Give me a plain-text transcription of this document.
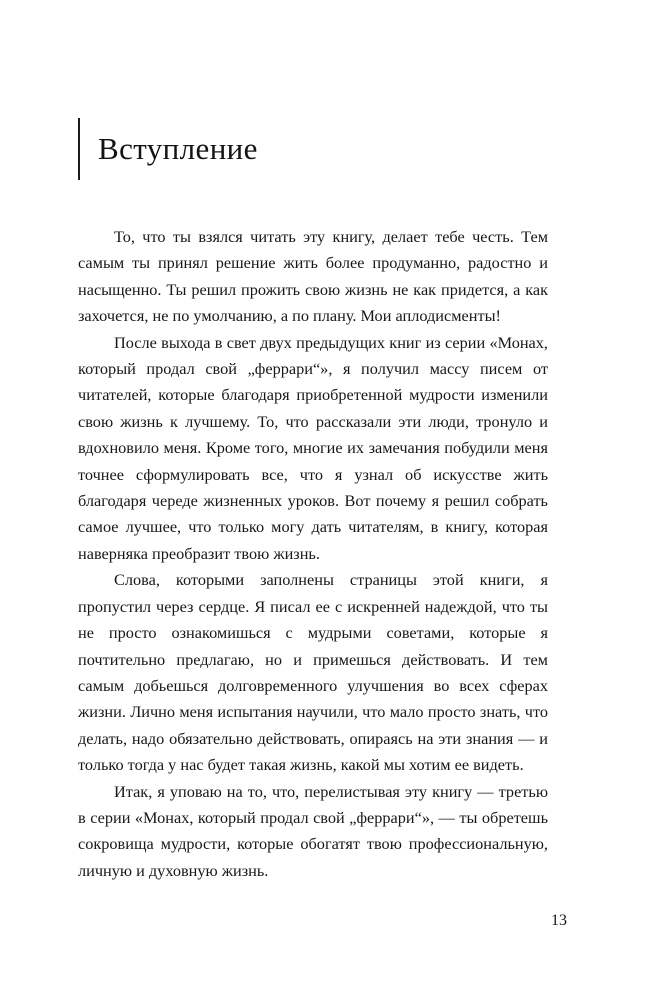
Вступление

То, что ты взялся читать эту книгу, делает тебе честь. Тем самым ты принял решение жить более продуманно, радостно и насыщенно. Ты решил прожить свою жизнь не как придется, а как захочется, не по умолчанию, а по плану. Мои аплодисменты!

После выхода в свет двух предыдущих книг из серии «Монах, который продал свой „феррари“», я получил массу писем от читателей, которые благодаря приобретенной мудрости изменили свою жизнь к лучшему. То, что рассказали эти люди, тронуло и вдохновило меня. Кроме того, многие их замечания побудили меня точнее сформулировать все, что я узнал об искусстве жить благодаря череде жизненных уроков. Вот почему я решил собрать самое лучшее, что только могу дать читателям, в книгу, которая наверняка преобразит твою жизнь.

Слова, которыми заполнены страницы этой книги, я пропустил через сердце. Я писал ее с искренней надеждой, что ты не просто ознакомишься с мудрыми советами, которые я почтительно предлагаю, но и примешься действовать. И тем самым добьешься долговременного улучшения во всех сферах жизни. Лично меня испытания научили, что мало просто знать, что делать, надо обязательно действовать, опираясь на эти знания — и только тогда у нас будет такая жизнь, какой мы хотим ее видеть.

Итак, я уповаю на то, что, перелистывая эту книгу — третью в серии «Монах, который продал свой „феррари“», — ты обретешь сокровища мудрости, которые обогатят твою профессиональную, личную и духовную жизнь.

13
